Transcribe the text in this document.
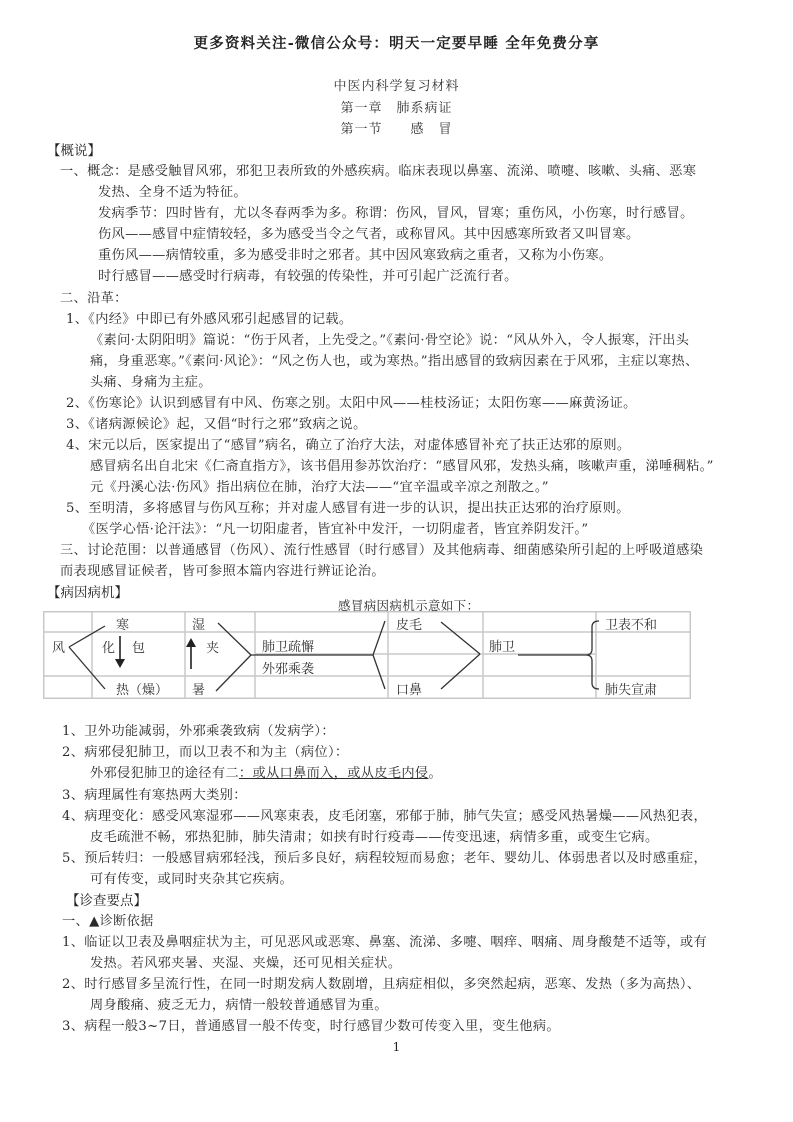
更多资料关注-微信公众号：明天一定要早睡 全年免费分享
中医内科学复习材料
第一章　肺系病证
第一节　　感　冒
【概说】
一、概念：是感受触冒风邪，邪犯卫表所致的外感疾病。临床表现以鼻塞、流涕、喷嚏、咳嗽、头痛、恶寒
发热、全身不适为特征。
发病季节：四时皆有，尤以冬春两季为多。称谓：伤风，冒风，冒寒；重伤风，小伤寒，时行感冒。
伤风——感冒中症情较轻，多为感受当令之气者，或称冒风。其中因感寒所致者又叫冒寒。
重伤风——病情较重，多为感受非时之邪者。其中因风寒致病之重者，又称为小伤寒。
时行感冒——感受时行病毒，有较强的传染性，并可引起广泛流行者。
二、沿革：
1、《内经》中即已有外感风邪引起感冒的记载。
《素问·太阴阳明》篇说：“伤于风者，上先受之。”《素问·骨空论》说：“风从外入，令人振寒，汗出头
痛，身重恶寒。”《素问·风论》：“风之伤人也，或为寒热。”指出感冒的致病因素在于风邪，主症以寒热、
头痛、身痛为主症。
2、《伤寒论》认识到感冒有中风、伤寒之别。太阳中风——桂枝汤证；太阳伤寒——麻黄汤证。
3、《诸病源候论》起，又倡“时行之邪”致病之说。
4、宋元以后，医家提出了“感冒”病名，确立了治疗大法，对虚体感冒补充了扶正达邪的原则。
感冒病名出自北宋《仁斋直指方》，该书倡用参苏饮治疗：“感冒风邪，发热头痛，咳嗽声重，涕唾稠粘。”
元《丹溪心法·伤风》指出病位在肺，治疗大法——“宜辛温或辛凉之剂散之。”
5、至明清，多将感冒与伤风互称；并对虚人感冒有进一步的认识，提出扶正达邪的治疗原则。
《医学心悟·论汗法》：“凡一切阳虚者，皆宜补中发汗，一切阴虚者，皆宜养阴发汗。”
三、讨论范围：以普通感冒（伤风）、流行性感冒（时行感冒）及其他病毒、细菌感染所引起的上呼吸道感染
而表现感冒证候者，皆可参照本篇内容进行辨证论治。
【病因病机】
感冒病因病机示意如下：
风
寒
化 包
热（燥）
湿
夹
暑
肺卫疏懈
外邪乘袭
皮毛
口鼻
肺卫
卫表不和
肺失宣肃
1、卫外功能减弱，外邪乘袭致病（发病学）：
2、病邪侵犯肺卫，而以卫表不和为主（病位）：
外邪侵犯肺卫的途径有二：或从口鼻而入，或从皮毛内侵。
3、病理属性有寒热两大类别：
4、病理变化：感受风寒湿邪——风寒束表，皮毛闭塞，邪郁于肺，肺气失宣；感受风热暑燥——风热犯表，
皮毛疏泄不畅，邪热犯肺，肺失清肃；如挟有时行疫毒——传变迅速，病情多重，或变生它病。
5、预后转归：一般感冒病邪轻浅，预后多良好，病程较短而易愈；老年、婴幼儿、体弱患者以及时感重症，
可有传变，或同时夹杂其它疾病。
【诊查要点】
一、▲诊断依据
1、临证以卫表及鼻咽症状为主，可见恶风或恶寒、鼻塞、流涕、多嚏、咽痒、咽痛、周身酸楚不适等，或有
发热。若风邪夹暑、夹湿、夹燥，还可见相关症状。
2、时行感冒多呈流行性，在同一时期发病人数剧增，且病症相似，多突然起病，恶寒、发热（多为高热）、
周身酸痛、疲乏无力，病情一般较普通感冒为重。
3、病程一般3~7日，普通感冒一般不传变，时行感冒少数可传变入里，变生他病。
1
